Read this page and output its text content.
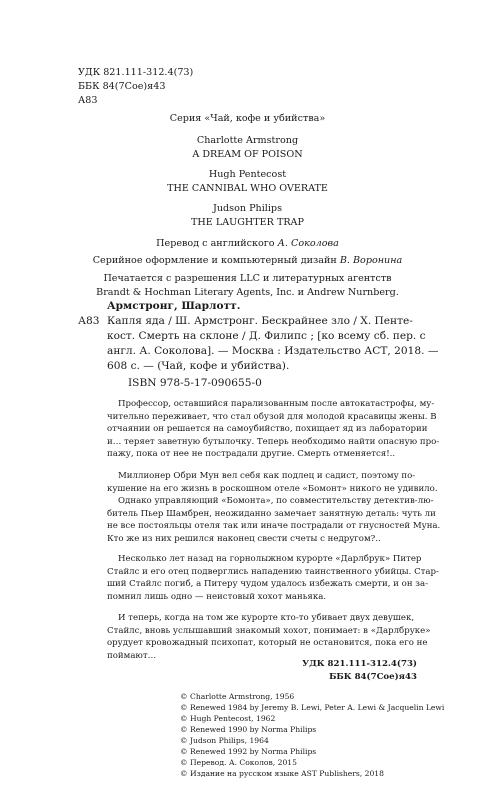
УДК 821.111-312.4(73)
ББК 84(7Сое)я43
А83
Серия «Чай, кофе и убийства»
Charlotte Armstrong
A DREAM OF POISON
Hugh Pentecost
THE CANNIBAL WHO OVERATE
Judson Philips
THE LAUGHTER TRAP
Перевод с английского А. Соколова
Серийное оформление и компьютерный дизайн В. Воронина
Печатается с разрешения LLC и литературных агентств
Brandt & Hochman Literary Agents, Inc. и Andrew Nurnberg.
Армстронг, Шарлотт.
А83 Капля яда / Ш. Армстронг. Бескрайнее зло / Х. Пенте-
кост. Смерть на склоне / Д. Филипс ; [ко всему сб. пер. с
англ. А. Соколова]. — Москва : Издательство АСТ, 2018. —
608 с. — (Чай, кофе и убийства).
ISBN 978-5-17-090655-0
Профессор, оставшийся парализованным после автокатастрофы, му-
чительно переживает, что стал обузой для молодой красавицы жены. В
отчаянии он решается на самоубийство, похищает яд из лаборатории
и… теряет заветную бутылочку. Теперь необходимо найти опасную про-
пажу, пока от нее не пострадали другие. Смерть отменяется!..
Миллионер Обри Мун вел себя как подлец и садист, поэтому по-
кушение на его жизнь в роскошном отеле «Бомонт» никого не удивило.
Однако управляющий «Бомонта», по совместительству детектив-лю-
битель Пьер Шамбрен, неожиданно замечает занятную деталь: чуть ли
не все постояльцы отеля так или иначе пострадали от гнусностей Муна.
Кто же из них решился наконец свести счеты с недругом?..
Несколько лет назад на горнолыжном курорте «Дарлбрук» Питер
Стайлс и его отец подверглись нападению таинственного убийцы. Стар-
ший Стайлс погиб, а Питеру чудом удалось избежать смерти, и он за-
помнил лишь одно — неистовый хохот маньяка.
И теперь, когда на том же курорте кто-то убивает двух девушек,
Стайлс, вновь услышавший знакомый хохот, понимает: в «Дарлбруке»
орудует кровожадный психопат, который не остановится, пока его не
поймают…
УДК 821.111-312.4(73)
ББК 84(7Сое)я43
© Charlotte Armstrong, 1956
© Renewed 1984 by Jeremy B. Lewi, Peter A. Lewi & Jacquelin Lewi
© Hugh Pentecost, 1962
© Renewed 1990 by Norma Philips
© Judson Philips, 1964
© Renewed 1992 by Norma Philips
© Перевод. А. Соколов, 2015
© Издание на русском языке AST Publishers, 2018
